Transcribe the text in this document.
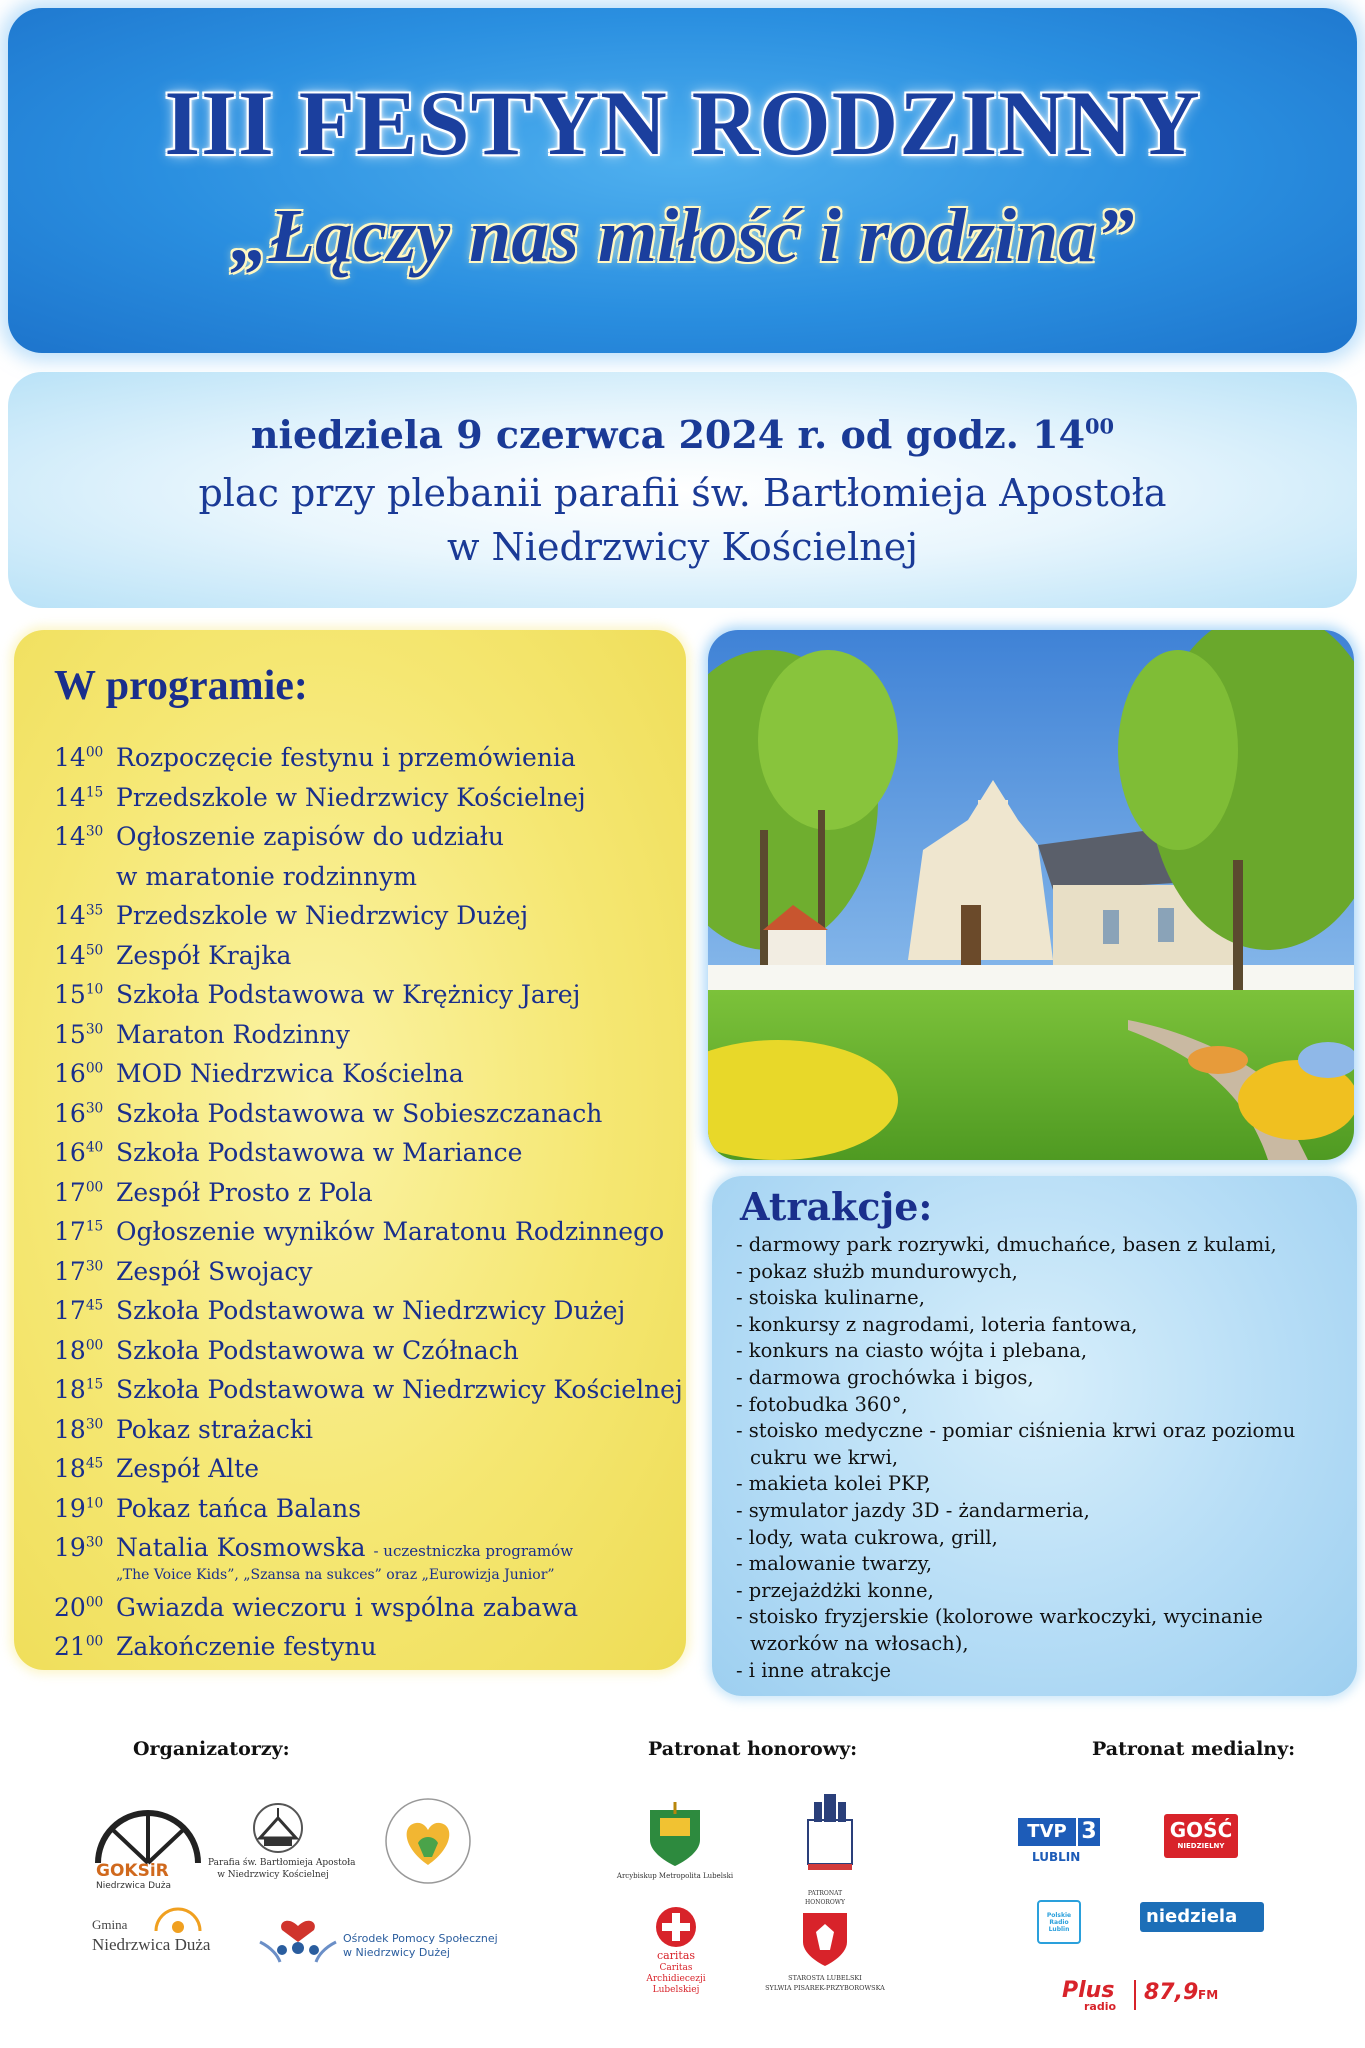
III FESTYN RODZINNY
„Łączy nas miłość i rodzina”
niedziela 9 czerwca 2024 r. od godz. $14^{00}$
plac przy plebanii parafii św. Bartłomieja Apostoła
w Niedrzwicy Kościelnej
W programie:
$14^{00}$ Rozpoczęcie festynu i przemówienia
$14^{15}$ Przedszkole w Niedrzwicy Kościelnej
$14^{30}$ Ogłoszenie zapisów do udziału
w maratonie rodzinnym
$14^{35}$ Przedszkole w Niedrzwicy Dużej
$14^{50}$ Zespół Krajka
$15^{10}$ Szkoła Podstawowa w Krężnicy Jarej
$15^{30}$ Maraton Rodzinny
$16^{00}$ MOD Niedrzwica Kościelna
$16^{30}$ Szkoła Podstawowa w Sobieszczanach
$16^{40}$ Szkoła Podstawowa w Mariance
$17^{00}$ Zespół Prosto z Pola
$17^{15}$ Ogłoszenie wyników Maratonu Rodzinnego
$17^{30}$ Zespół Swojacy
$17^{45}$ Szkoła Podstawowa w Niedrzwicy Dużej
$18^{00}$ Szkoła Podstawowa w Czółnach
$18^{15}$ Szkoła Podstawowa w Niedrzwicy Kościelnej
$18^{30}$ Pokaz strażacki
$18^{45}$ Zespół Alte
$19^{10}$ Pokaz tańca Balans
$19^{30}$ Natalia Kosmowska - uczestniczka programów
„The Voice Kids”, „Szansa na sukces” oraz „Eurowizja Junior”
$20^{00}$ Gwiazda wieczoru i wspólna zabawa
$21^{00}$ Zakończenie festynu
Atrakcje:
- darmowy park rozrywki, dmuchańce, basen z kulami,
- pokaz służb mundurowych,
- stoiska kulinarne,
- konkursy z nagrodami, loteria fantowa,
- konkurs na ciasto wójta i plebana,
- darmowa grochówka i bigos,
- fotobudka 360°,
- stoisko medyczne - pomiar ciśnienia krwi oraz poziomu
cukru we krwi,
- makieta kolei PKP,
- symulator jazdy 3D - żandarmeria,
- lody, wata cukrowa, grill,
- malowanie twarzy,
- przejażdżki konne,
- stoisko fryzjerskie (kolorowe warkoczyki, wycinanie
wzorków na włosach),
- i inne atrakcje
Organizatorzy:	Patronat honorowy:	Patronat medialny:
GOKSiR
Niedrzwica Duża
Parafia św. Bartłomieja Apostoła
w Niedrzwicy Kościelnej
Gmina
Niedrzwica Duża	Ośrodek Pomocy Społecznej
w Niedrzwicy Dużej
Arcybiskup Metropolita Lubelski
caritas
Caritas
Archidiecezji
Lubelskiej
PATRONAT
HONOROWY
STAROSTA LUBELSKI
SYLWIA PISAREK-PRZYBOROWSKA
TVP 3
LUBLIN
GOŚĆ
NIEDZIELNY
Polskie Radio Lublin
niedziela
Plus
radio
87,9 FM
